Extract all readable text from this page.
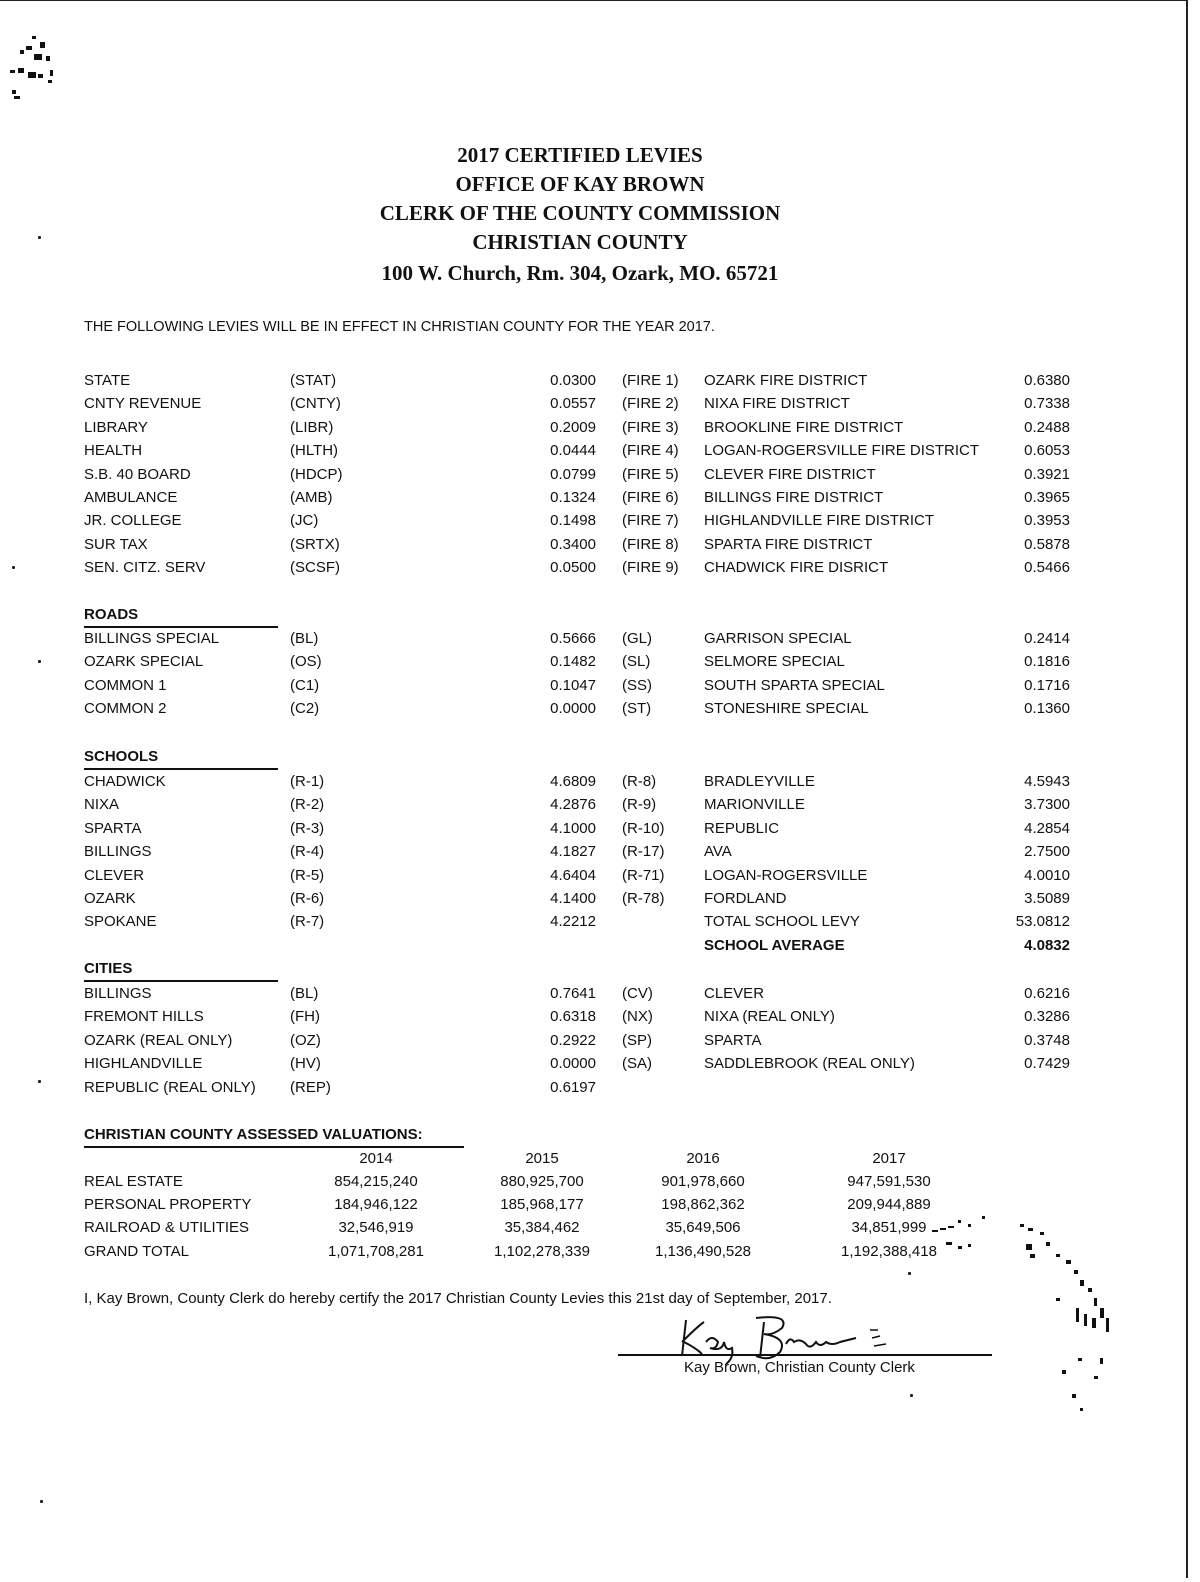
2017 CERTIFIED LEVIES
OFFICE OF KAY BROWN
CLERK OF THE COUNTY COMMISSION
CHRISTIAN COUNTY
100 W. Church, Rm. 304, Ozark, MO. 65721
THE FOLLOWING LEVIES WILL BE IN EFFECT IN CHRISTIAN COUNTY FOR THE YEAR 2017.
STATE	(STAT)	0.0300 (FIRE 1) OZARK FIRE DISTRICT	0.6380
CNTY REVENUE	(CNTY)	0.0557 (FIRE 2) NIXA FIRE DISTRICT	0.7338
LIBRARY	(LIBR)	0.2009 (FIRE 3) BROOKLINE FIRE DISTRICT	0.2488
HEALTH	(HLTH)	0.0444 (FIRE 4) LOGAN-ROGERSVILLE FIRE DISTRICT	0.6053
S.B. 40 BOARD	(HDCP)	0.0799 (FIRE 5) CLEVER FIRE DISTRICT	0.3921
AMBULANCE	(AMB)	0.1324 (FIRE 6) BILLINGS FIRE DISTRICT	0.3965
JR. COLLEGE	(JC)	0.1498 (FIRE 7) HIGHLANDVILLE FIRE DISTRICT	0.3953
SUR TAX	(SRTX)	0.3400 (FIRE 8) SPARTA FIRE DISTRICT	0.5878
SEN. CITZ. SERV	(SCSF)	0.0500 (FIRE 9) CHADWICK FIRE DISRICT	0.5466
ROADS
BILLINGS SPECIAL	(BL)	0.5666 (GL)	GARRISON SPECIAL	0.2414
OZARK SPECIAL	(OS)	0.1482 (SL)	SELMORE SPECIAL	0.1816
COMMON 1	(C1)	0.1047 (SS)	SOUTH SPARTA SPECIAL	0.1716
COMMON 2	(C2)	0.0000 (ST)	STONESHIRE SPECIAL	0.1360
SCHOOLS
CHADWICK	(R-1)	4.6809 (R-8)	BRADLEYVILLE	4.5943
NIXA	(R-2)	4.2876 (R-9)	MARIONVILLE	3.7300
SPARTA	(R-3)	4.1000 (R-10)	REPUBLIC	4.2854
BILLINGS	(R-4)	4.1827 (R-17)	AVA	2.7500
CLEVER	(R-5)	4.6404 (R-71)	LOGAN-ROGERSVILLE	4.0010
OZARK	(R-6)	4.1400 (R-78)	FORDLAND	3.5089
SPOKANE	(R-7)	4.2212	TOTAL SCHOOL LEVY	53.0812
SCHOOL AVERAGE	4.0832
CITIES
BILLINGS	(BL)	0.7641 (CV)	CLEVER	0.6216
FREMONT HILLS	(FH)	0.6318 (NX)	NIXA (REAL ONLY)	0.3286
OZARK (REAL ONLY)	(OZ)	0.2922 (SP)	SPARTA	0.3748
HIGHLANDVILLE	(HV)	0.0000 (SA)	SADDLEBROOK (REAL ONLY)	0.7429
REPUBLIC (REAL ONLY) (REP)	0.6197
CHRISTIAN COUNTY ASSESSED VALUATIONS:
2014	2015	2016	2017
REAL ESTATE	854,215,240	880,925,700	901,978,660	947,591,530
PERSONAL PROPERTY	184,946,122	185,968,177	198,862,362	209,944,889
RAILROAD & UTILITIES	32,546,919	35,384,462	35,649,506	34,851,999
GRAND TOTAL	1,071,708,281	1,102,278,339	1,136,490,528	1,192,388,418
I, Kay Brown, County Clerk do hereby certify the 2017 Christian County Levies this 21st day of September, 2017.
Kay Brown, Christian County Clerk
